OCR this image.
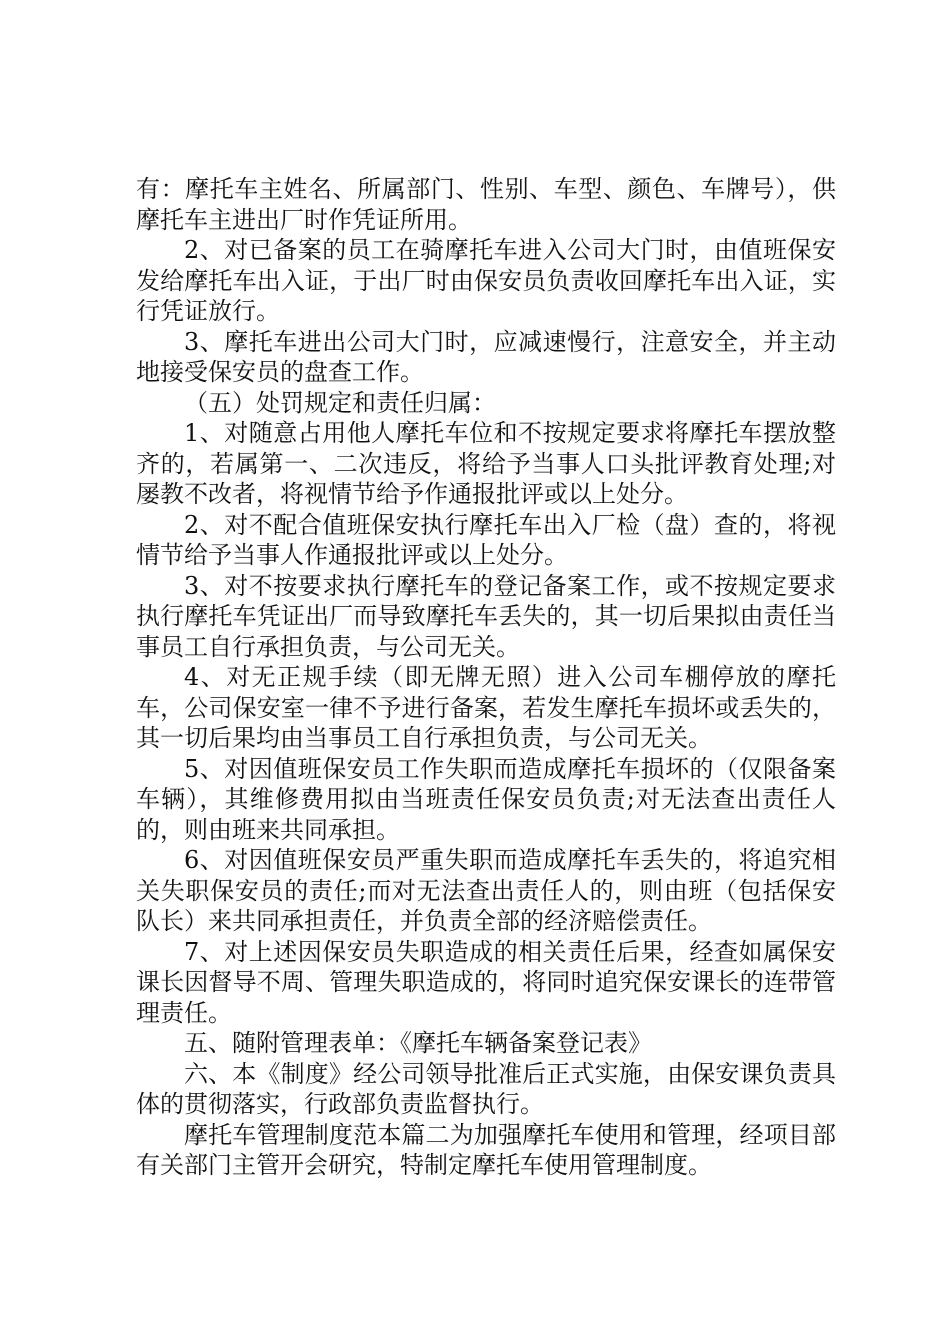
有：摩托车主姓名、所属部门、性别、车型、颜色、车牌号），供摩托车主进出厂时作凭证所用。

2、对已备案的员工在骑摩托车进入公司大门时，由值班保安发给摩托车出入证，于出厂时由保安员负责收回摩托车出入证，实行凭证放行。

3、摩托车进出公司大门时，应减速慢行，注意安全，并主动地接受保安员的盘查工作。

（五）处罚规定和责任归属：

1、对随意占用他人摩托车位和不按规定要求将摩托车摆放整齐的，若属第一、二次违反，将给予当事人口头批评教育处理;对屡教不改者，将视情节给予作通报批评或以上处分。

2、对不配合值班保安执行摩托车出入厂检（盘）查的，将视情节给予当事人作通报批评或以上处分。

3、对不按要求执行摩托车的登记备案工作，或不按规定要求执行摩托车凭证出厂而导致摩托车丢失的，其一切后果拟由责任当事员工自行承担负责，与公司无关。

4、对无正规手续（即无牌无照）进入公司车棚停放的摩托车，公司保安室一律不予进行备案，若发生摩托车损坏或丢失的，其一切后果均由当事员工自行承担负责，与公司无关。

5、对因值班保安员工作失职而造成摩托车损坏的（仅限备案车辆），其维修费用拟由当班责任保安员负责;对无法查出责任人的，则由班来共同承担。

6、对因值班保安员严重失职而造成摩托车丢失的，将追究相关失职保安员的责任;而对无法查出责任人的，则由班（包括保安队长）来共同承担责任，并负责全部的经济赔偿责任。

7、对上述因保安员失职造成的相关责任后果，经查如属保安课长因督导不周、管理失职造成的，将同时追究保安课长的连带管理责任。

五、随附管理表单：《摩托车辆备案登记表》

六、本《制度》经公司领导批准后正式实施，由保安课负责具体的贯彻落实，行政部负责监督执行。

摩托车管理制度范本篇二为加强摩托车使用和管理，经项目部有关部门主管开会研究，特制定摩托车使用管理制度。
